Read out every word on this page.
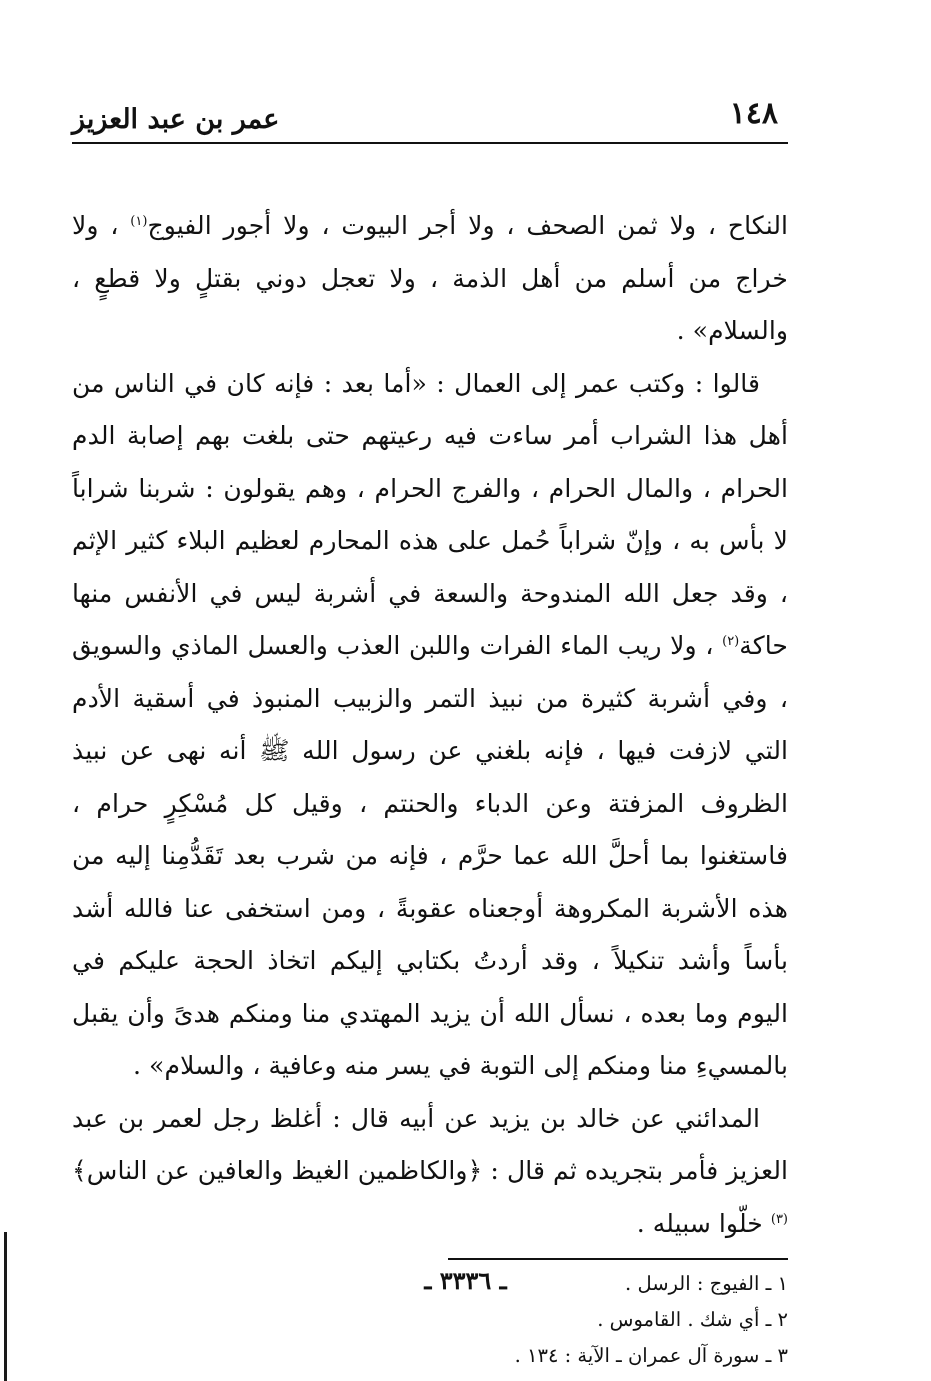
١٤٨
عمر بن عبد العزيز

النكاح ، ولا ثمن الصحف ، ولا أجر البيوت ، ولا أجور الفيوج$^{(١)}$ ، ولا خراج من أسلم من أهل الذمة ، ولا تعجل دوني بقتلٍ ولا قطعٍ ، والسلام» .

قالوا : وكتب عمر إلى العمال : «أما بعد : فإنه كان في الناس من أهل هذا الشراب أمر ساءت فيه رعيتهم حتى بلغت بهم إصابة الدم الحرام ، والمال الحرام ، والفرج الحرام ، وهم يقولون : شربنا شراباً لا بأس به ، وإنّ شراباً حُمل على هذه المحارم لعظيم البلاء كثير الإثم ، وقد جعل الله المندوحة والسعة في أشربة ليس في الأنفس منها حاكة$^{(٢)}$ ، ولا ريب الماء الفرات واللبن العذب والعسل الماذي والسويق ، وفي أشربة كثيرة من نبيذ التمر والزبيب المنبوذ في أسقية الأدم التي لازفت فيها ، فإنه بلغني عن رسول الله ﷺ أنه نهى عن نبيذ الظروف المزفتة وعن الدباء والحنتم ، وقيل كل مُسْكِرٍ حرام ، فاستغنوا بما أحلَّ الله عما حرَّم ، فإنه من شرب بعد تَقَدُّمِنا إليه من هذه الأشربة المكروهة أوجعناه عقوبةً ، ومن استخفى عنا فالله أشد بأساً وأشد تنكيلاً ، وقد أردتُ بكتابي إليكم اتخاذ الحجة عليكم في اليوم وما بعده ، نسأل الله أن يزيد المهتدي منا ومنكم هدىً وأن يقبل بالمسيءِ منا ومنكم إلى التوبة في يسر منه وعافية ، والسلام» .

المدائني عن خالد بن يزيد عن أبيه قال : أغلظ رجل لعمر بن عبد العزيز فأمر بتجريده ثم قال : ﴿والكاظمين الغيظ والعافين عن الناس﴾$^{(٣)}$ خلّوا سبيله .

١ ـ الفيوج : الرسل .
٢ ـ أي شك . القاموس .
٣ ـ سورة آل عمران ـ الآية : ١٣٤ .
ـ ٣٣٣٦ ـ
